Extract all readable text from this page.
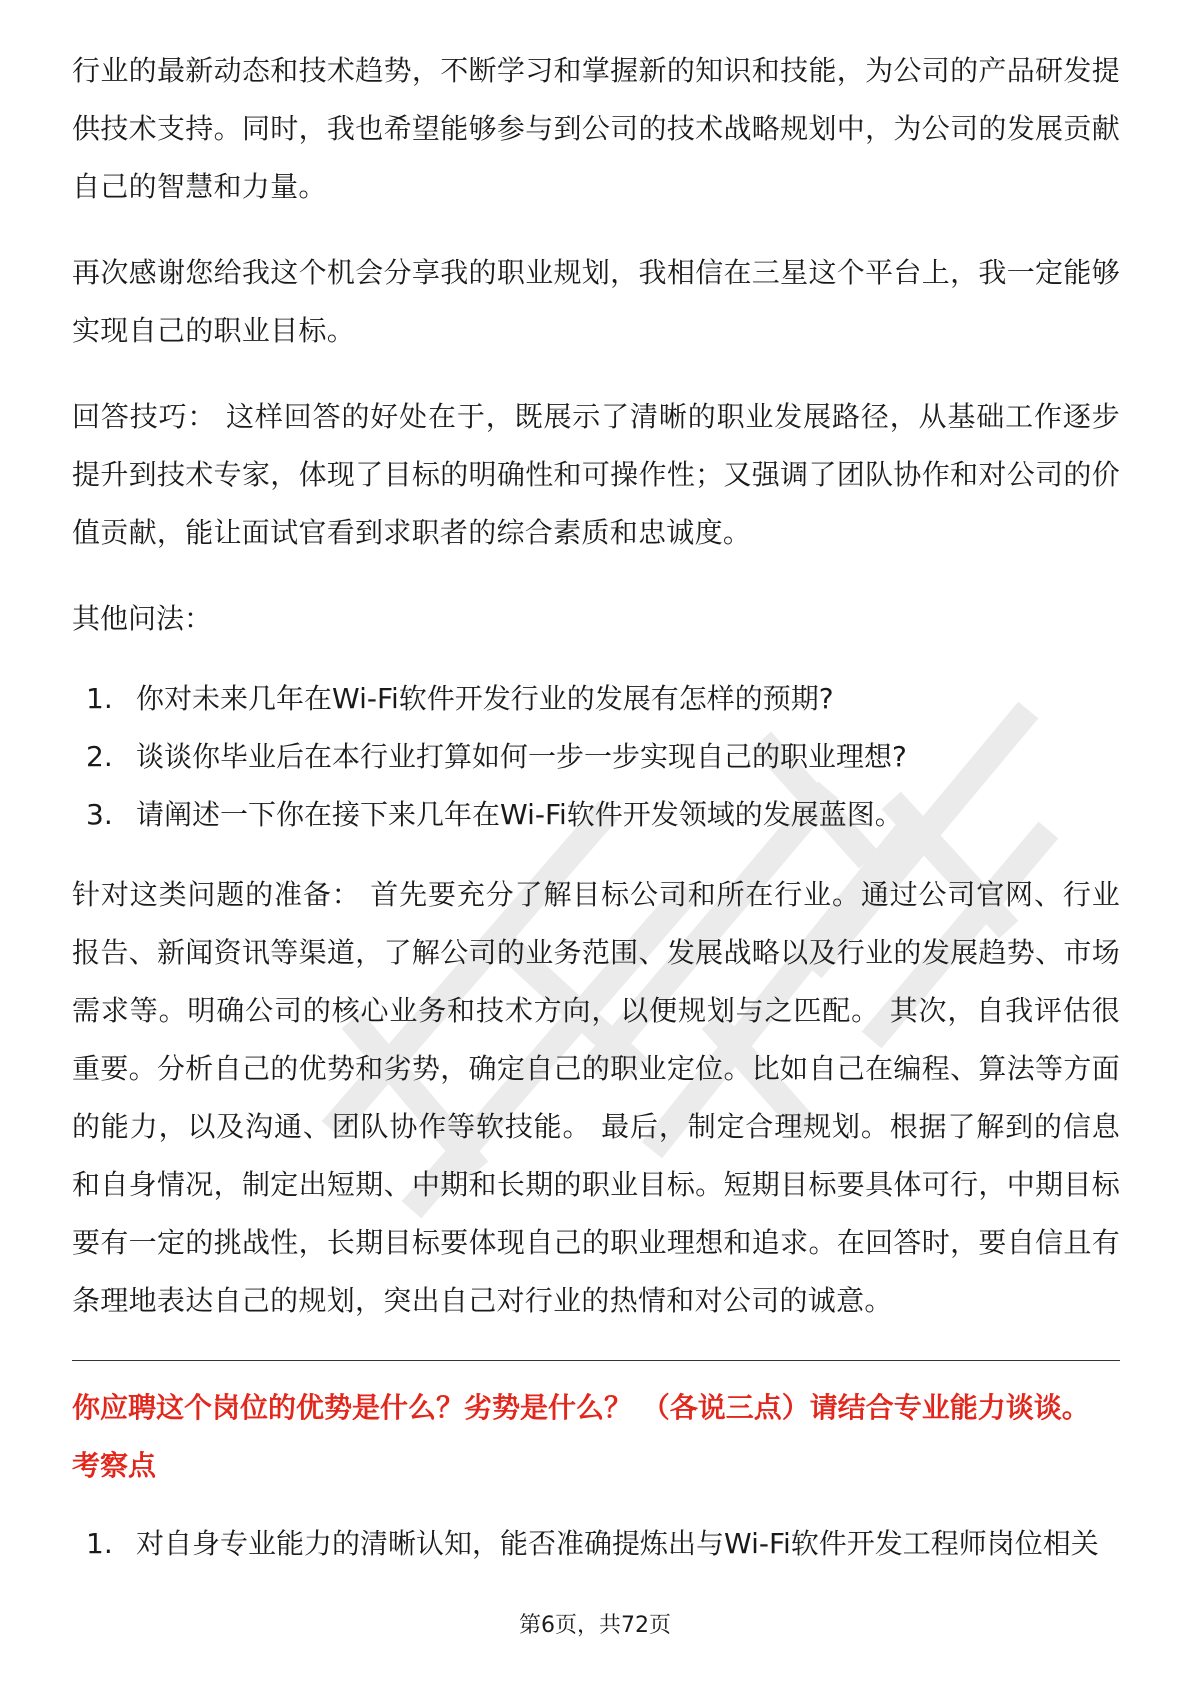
行业的最新动态和技术趋势，不断学习和掌握新的知识和技能，为公司的产品研发提供技术支持。同时，我也希望能够参与到公司的技术战略规划中，为公司的发展贡献自己的智慧和力量。

再次感谢您给我这个机会分享我的职业规划，我相信在三星这个平台上，我一定能够实现自己的职业目标。

回答技巧： 这样回答的好处在于，既展示了清晰的职业发展路径，从基础工作逐步提升到技术专家，体现了目标的明确性和可操作性；又强调了团队协作和对公司的价值贡献，能让面试官看到求职者的综合素质和忠诚度。

其他问法：

1. 你对未来几年在Wi-Fi软件开发行业的发展有怎样的预期?
2. 谈谈你毕业后在本行业打算如何一步一步实现自己的职业理想?
3. 请阐述一下你在接下来几年在Wi-Fi软件开发领域的发展蓝图。

针对这类问题的准备： 首先要充分了解目标公司和所在行业。通过公司官网、行业报告、新闻资讯等渠道，了解公司的业务范围、发展战略以及行业的发展趋势、市场需求等。明确公司的核心业务和技术方向，以便规划与之匹配。 其次，自我评估很重要。分析自己的优势和劣势，确定自己的职业定位。比如自己在编程、算法等方面的能力，以及沟通、团队协作等软技能。 最后，制定合理规划。根据了解到的信息和自身情况，制定出短期、中期和长期的职业目标。短期目标要具体可行，中期目标要有一定的挑战性，长期目标要体现自己的职业理想和追求。在回答时，要自信且有条理地表达自己的规划，突出自己对行业的热情和对公司的诚意。

你应聘这个岗位的优势是什么？劣势是什么？ （各说三点）请结合专业能力谈谈。

考察点

1. 对自身专业能力的清晰认知，能否准确提炼出与Wi-Fi软件开发工程师岗位相关
第6页，共72页
